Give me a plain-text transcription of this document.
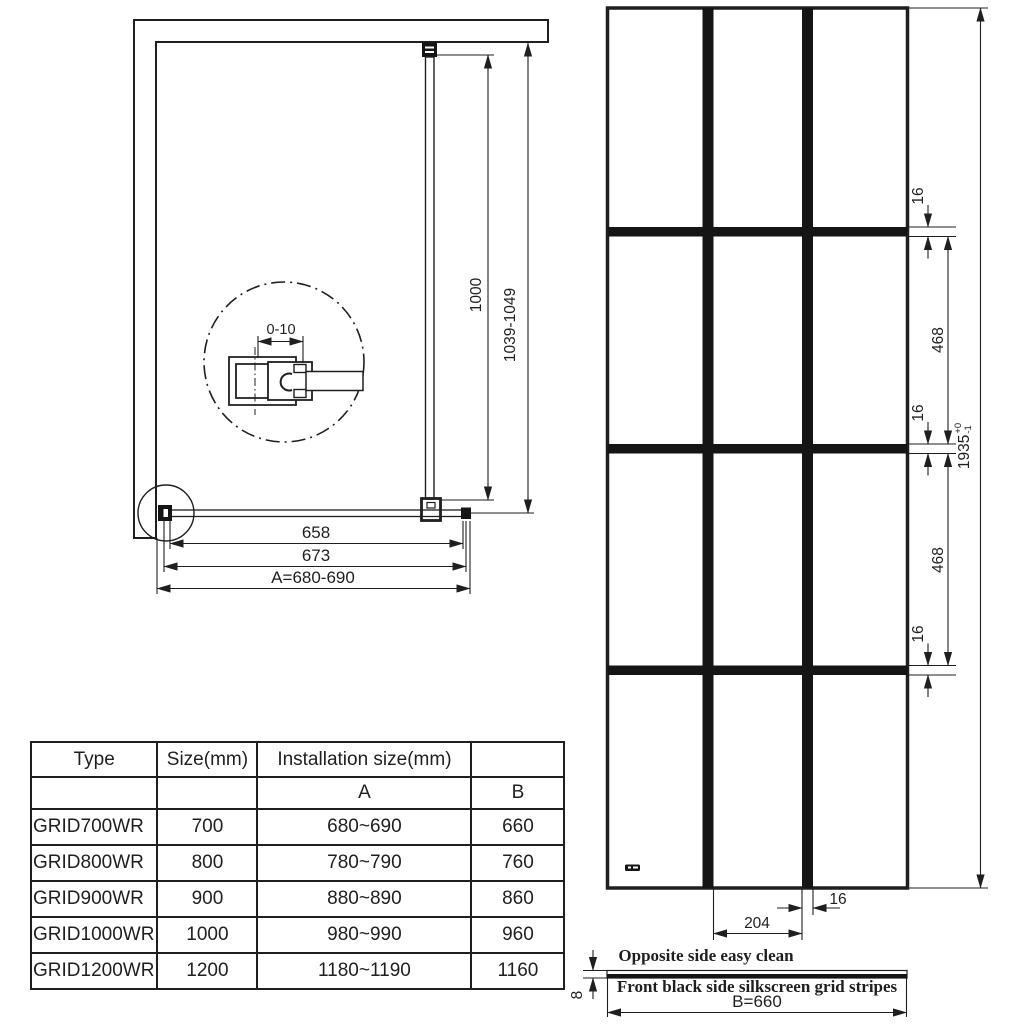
0-10
1000 1039-1049
658
673
A=680-690
16
468
16
468
16
1935
+0
-1
16
204
Opposite side easy clean
Front black side silkscreen grid stripes
B=660
8
Type	Size(mm)	Installation size(mm)	
		A	B
GRID700WR	700	680~690	660
GRID800WR	800	780~790	760
GRID900WR	900	880~890	860
GRID1000WR	1000	980~990	960
GRID1200WR	1200	1180~1190	1160
